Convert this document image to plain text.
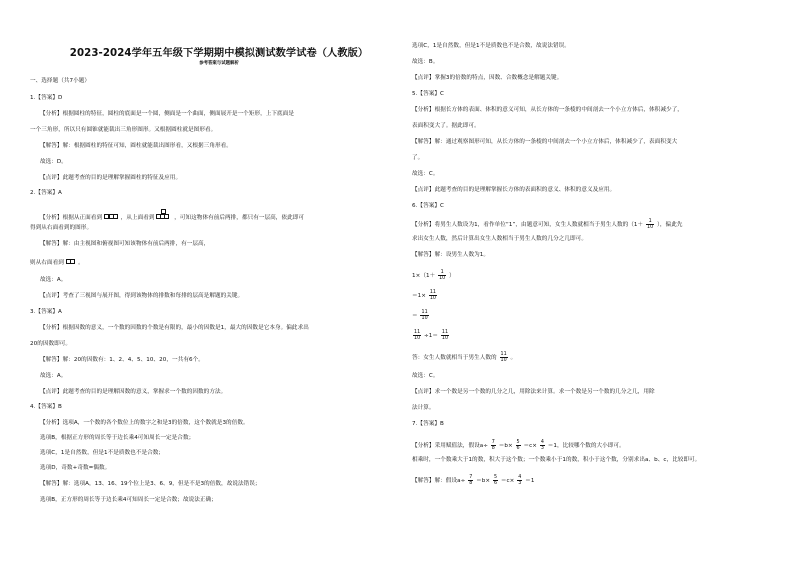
2023-2024学年五年级下学期期中模拟测试数学试卷（人教版）
参考答案与试题解析
一、选择题（共7小题）
1.【答案】D
【分析】根据圆柱的特征，圆柱的底面是一个圆，侧面是一个曲面，侧面展开是一个矩形，上下底面是
一个三角形，所以只有圆锥就能裁出三角形图形。又根据圆柱就是图形看。
【解答】解：根据圆柱的特征可知，圆柱就能裁出图形看，又根据三角形看。
故选：D。
【点评】此题考查的目的是理解掌握圆柱的特征及应用。
2.【答案】A
【分析】根据从正面看到	，从上面看到	，可知这物体有前后两排，都只有一层高，依此即可
得到从右面看到的图形。
【解答】解：由主视图和俯视图可知该物体有前后两排，有一层高，
则从右面看到	。
故选：A。
【点评】考查了三视图与展开图，得到该物体的排数和每排的层高是解题的关键。
3.【答案】A
【分析】根据因数的意义，一个数的因数的个数是有限的，最小的因数是1，最大的因数是它本身。偏此求出
20的因数即可。
【解答】解：20的因数有：1、2、4、5、10、20，一共有6个。
故选：A。
【点评】此题考查的目的是理解因数的意义，掌握求一个数的因数的方法。
4.【答案】B
【分析】选项A，一个数的各个数位上的数字之和是3的倍数，这个数就是3的倍数。
选项B，根据正方形的周长等于边长乘4可知周长一定是合数；
选项C，1是自然数，但是1不是质数也不是合数；
选项D，奇数+奇数=偶数。
【解答】解：选项A，13、16、19个位上是3、6、9，但是不是3的倍数，故说法错误；
选项B，正方形的周长等于边长乘4可知周长一定是合数；故说法正确；
选项C，1是自然数，但是1不是质数也不是合数，故说法错误。
故选：B。
【点评】掌握3的倍数的特点，因数、合数概念是解题关键。
5.【答案】C
【分析】根据长方体的表面、体积的意义可知，从长方体的一条棱的中间剖去一个小立方体后，体积减少了，
表面积变大了。据此即可。
【解答】解：通过观察图形可知，从长方体的一条棱的中间剖去一个小立方体后，体积减少了，表面积变大
了。
故选：C。
【点评】此题考查的目的是理解掌握长方体的表面积的意义、体积的意义及应用。
6.【答案】C
【分析】将男生人数设为1，看作单位“1”，由题意可知，女生人数就相当于男生人数的（$1+ \frac{1}{10}$ ），偏此先
求出女生人数，然后计算出女生人数相当于男生人数的几分之几即可。
【解答】解：设男生人数为1。
$1\times(1+ \frac{1}{10}$ ）
$=1\times \frac{11}{10}$
＝ $\frac{11}{10}$
$\frac{11}{10} \div 1= \frac{11}{10}$
答：女生人数就相当于男生人数的 $\frac{11}{10}$ 。
故选：C。
【点评】求一个数是另一个数的几分之几，用除法来计算。求一个数是另一个数的几分之几，用除
法计算。
7.【答案】B
【分析】采用赋值法，假设$a\div \frac{7}{8} =b\times \frac{5}{6} =c\times \frac{4}{3} =1$，比较哪个数的大小即可。
相乘时，一个数乘大于1的数，积大于这个数；一个数乘小于1的数，积小于这个数，分别求出a、b、c，比较即可。
【解答】解：假设$a\div \frac{7}{8} =b\times \frac{5}{6} =c\times \frac{4}{3} =1$
